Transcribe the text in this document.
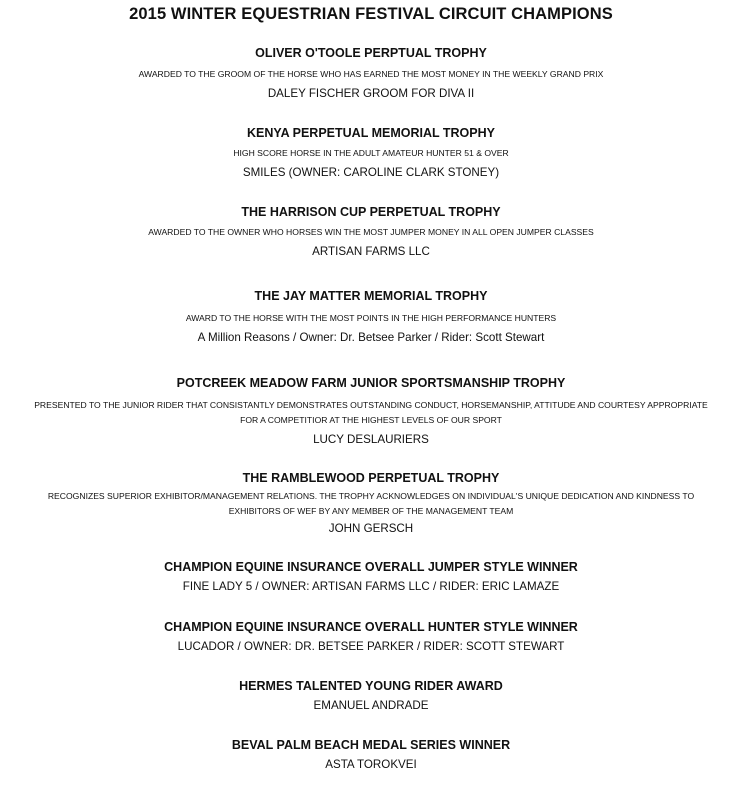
2015 WINTER EQUESTRIAN FESTIVAL CIRCUIT CHAMPIONS
OLIVER O'TOOLE PERPTUAL TROPHY
AWARDED TO THE GROOM OF THE HORSE WHO HAS EARNED THE MOST MONEY IN THE WEEKLY GRAND PRIX
DALEY FISCHER GROOM FOR DIVA II
KENYA PERPETUAL MEMORIAL TROPHY
HIGH SCORE HORSE IN THE ADULT AMATEUR HUNTER 51 & OVER
SMILES (OWNER: CAROLINE CLARK STONEY)
THE HARRISON CUP PERPETUAL TROPHY
AWARDED TO THE OWNER WHO HORSES WIN THE MOST JUMPER MONEY IN ALL OPEN JUMPER CLASSES
ARTISAN FARMS LLC
THE JAY MATTER MEMORIAL TROPHY
AWARD TO THE HORSE WITH THE MOST POINTS IN THE HIGH PERFORMANCE HUNTERS
A Million Reasons / Owner: Dr. Betsee Parker / Rider: Scott Stewart
POTCREEK MEADOW FARM JUNIOR SPORTSMANSHIP TROPHY
PRESENTED TO THE JUNIOR RIDER THAT CONSISTANTLY DEMONSTRATES OUTSTANDING CONDUCT, HORSEMANSHIP, ATTITUDE AND COURTESY APPROPRIATE
FOR A COMPETITIOR AT THE HIGHEST LEVELS OF OUR SPORT
LUCY DESLAURIERS
THE RAMBLEWOOD PERPETUAL TROPHY
RECOGNIZES SUPERIOR EXHIBITOR/MANAGEMENT RELATIONS. THE TROPHY ACKNOWLEDGES ON INDIVIDUAL'S UNIQUE DEDICATION AND KINDNESS TO
EXHIBITORS OF WEF BY ANY MEMBER OF THE MANAGEMENT TEAM
JOHN GERSCH
CHAMPION EQUINE INSURANCE OVERALL JUMPER STYLE WINNER
FINE LADY 5 / OWNER: ARTISAN FARMS LLC / RIDER: ERIC LAMAZE
CHAMPION EQUINE INSURANCE OVERALL HUNTER STYLE WINNER
LUCADOR / OWNER: DR. BETSEE PARKER / RIDER: SCOTT STEWART
HERMES TALENTED YOUNG RIDER AWARD
EMANUEL ANDRADE
BEVAL PALM BEACH MEDAL SERIES WINNER
ASTA TOROKVEI
